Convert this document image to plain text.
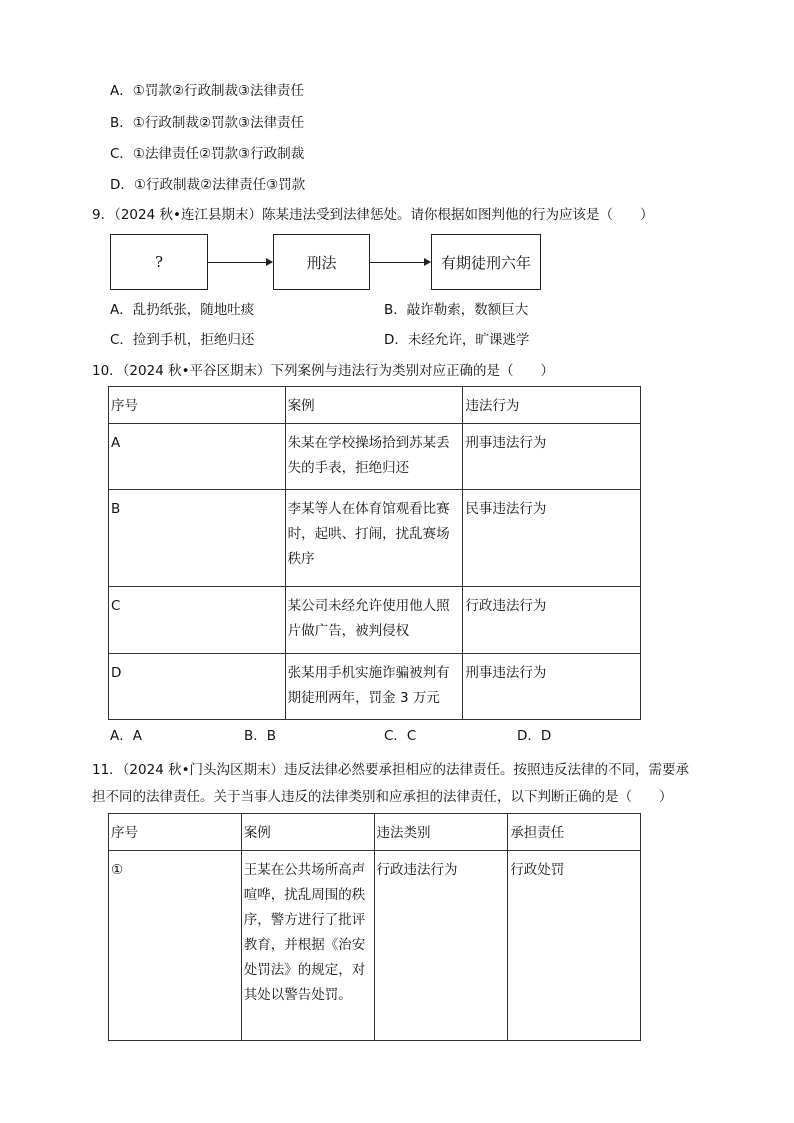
A．①罚款②行政制裁③法律责任
B．①行政制裁②罚款③法律责任
C．①法律责任②罚款③行政制裁
D．①行政制裁②法律责任③罚款
9．（2024 秋•连江县期末）陈某违法受到法律惩处。请你根据如图判他的行为应该是（　　）
?	刑法	有期徒刑六年
A．乱扔纸张，随地吐痰	B．敲诈勒索，数额巨大
C．捡到手机，拒绝归还	D．未经允许，旷课逃学
10．（2024 秋•平谷区期末）下列案例与违法行为类别对应正确的是（　　）
序号	案例	违法行为
A	朱某在学校操场拾到苏某丢失的手表，拒绝归还	刑事违法行为
B	李某等人在体育馆观看比赛时，起哄、打闹，扰乱赛场秩序	民事违法行为
C	某公司未经允许使用他人照片做广告，被判侵权	行政违法行为
D	张某用手机实施诈骗被判有期徒刑两年，罚金 3 万元	刑事违法行为
A．A	B．B	C．C	D．D
11．（2024 秋•门头沟区期末）违反法律必然要承担相应的法律责任。按照违反法律的不同，需要承
担不同的法律责任。关于当事人违反的法律类别和应承担的法律责任，以下判断正确的是（　　）
序号	案例	违法类别	承担责任
①	王某在公共场所高声喧哗，扰乱周围的秩序，警方进行了批评教育，并根据《治安处罚法》的规定，对其处以警告处罚。	行政违法行为	行政处罚
